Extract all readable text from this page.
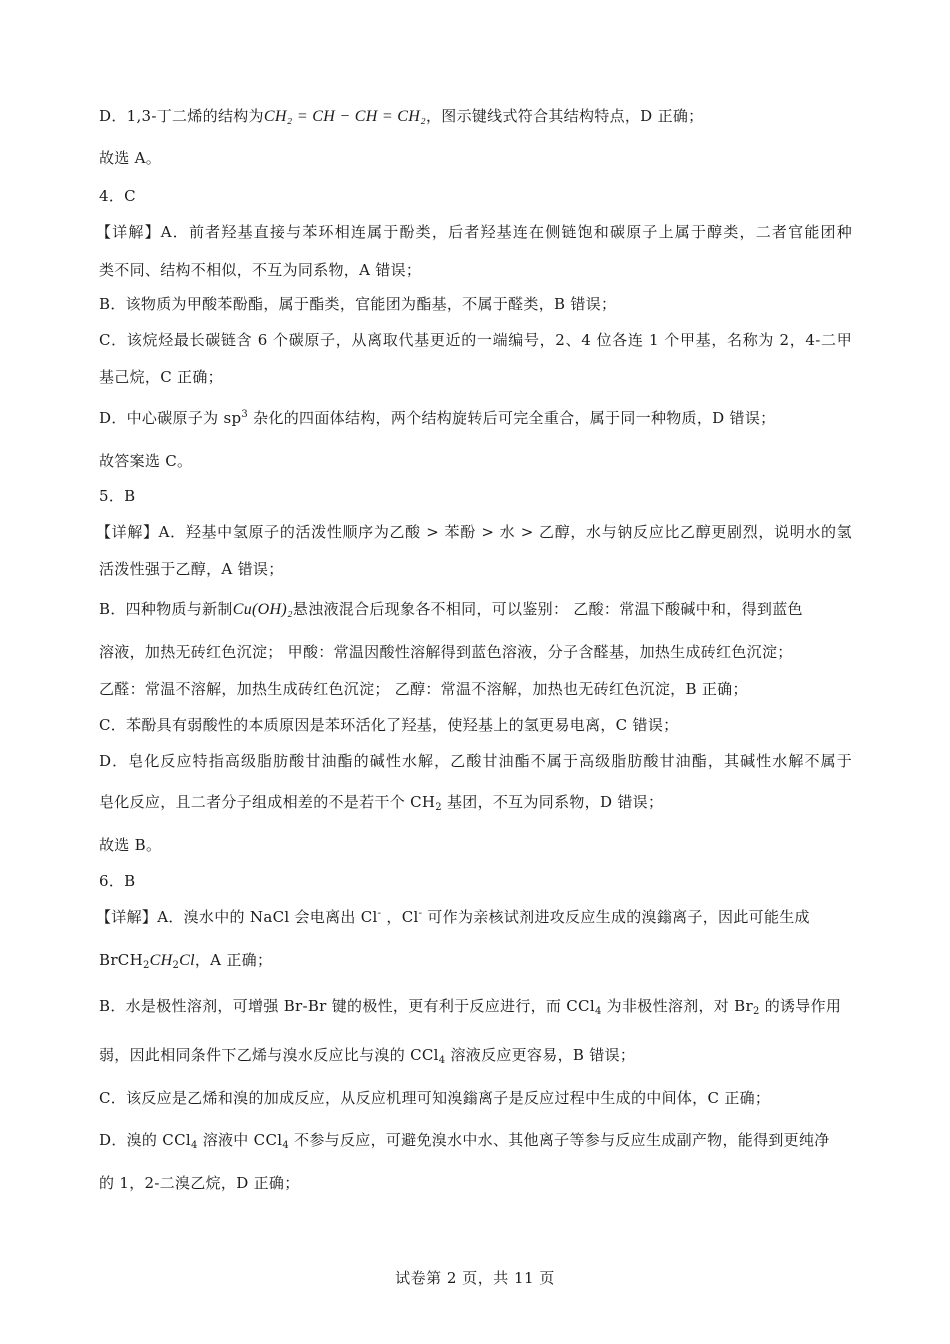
D．1,3-丁二烯的结构为CH₂ = CH − CH = CH₂，图示键线式符合其结构特点，D 正确；
故选 A。
4．C
【详解】A．前者羟基直接与苯环相连属于酚类，后者羟基连在侧链饱和碳原子上属于醇类，二者官能团种
类不同、结构不相似，不互为同系物，A 错误；
B．该物质为甲酸苯酚酯，属于酯类，官能团为酯基，不属于醛类，B 错误；
C．该烷烃最长碳链含 6 个碳原子，从离取代基更近的一端编号，2、4 位各连 1 个甲基，名称为 2，4-二甲
基己烷，C 正确；
D．中心碳原子为 $sp^3$ 杂化的四面体结构，两个结构旋转后可完全重合，属于同一种物质，D 错误；
故答案选 C。
5．B
【详解】A．羟基中氢原子的活泼性顺序为乙酸 > 苯酚 > 水 > 乙醇，水与钠反应比乙醇更剧烈，说明水的氢
活泼性强于乙醇，A 错误；
B．四种物质与新制Cu(OH)₂悬浊液混合后现象各不相同，可以鉴别： 乙酸：常温下酸碱中和，得到蓝色
溶液，加热无砖红色沉淀； 甲酸：常温因酸性溶解得到蓝色溶液，分子含醛基，加热生成砖红色沉淀；
乙醛：常温不溶解，加热生成砖红色沉淀； 乙醇：常温不溶解，加热也无砖红色沉淀，B 正确；
C．苯酚具有弱酸性的本质原因是苯环活化了羟基，使羟基上的氢更易电离，C 错误；
D．皂化反应特指高级脂肪酸甘油酯的碱性水解，乙酸甘油酯不属于高级脂肪酸甘油酯，其碱性水解不属于
皂化反应，且二者分子组成相差的不是若干个 $CH_2$ 基团，不互为同系物，D 错误；
故选 B。
6．B
【详解】A．溴水中的 NaCl 会电离出 Cl- ，Cl- 可作为亲核试剂进攻反应生成的溴鎓离子，因此可能生成
$BrCH_2CH_2Cl$，A 正确；
B．水是极性溶剂，可增强 Br-Br 键的极性，更有利于反应进行，而 CCl$_4$ 为非极性溶剂，对 $Br_2$ 的诱导作用
弱，因此相同条件下乙烯与溴水反应比与溴的 CCl$_4$ 溶液反应更容易，B 错误；
C．该反应是乙烯和溴的加成反应，从反应机理可知溴鎓离子是反应过程中生成的中间体，C 正确；
D．溴的 CCl$_4$ 溶液中 CCl$_4$ 不参与反应，可避免溴水中水、其他离子等参与反应生成副产物，能得到更纯净
的 1，2-二溴乙烷，D 正确；
试卷第 2 页，共 11 页
